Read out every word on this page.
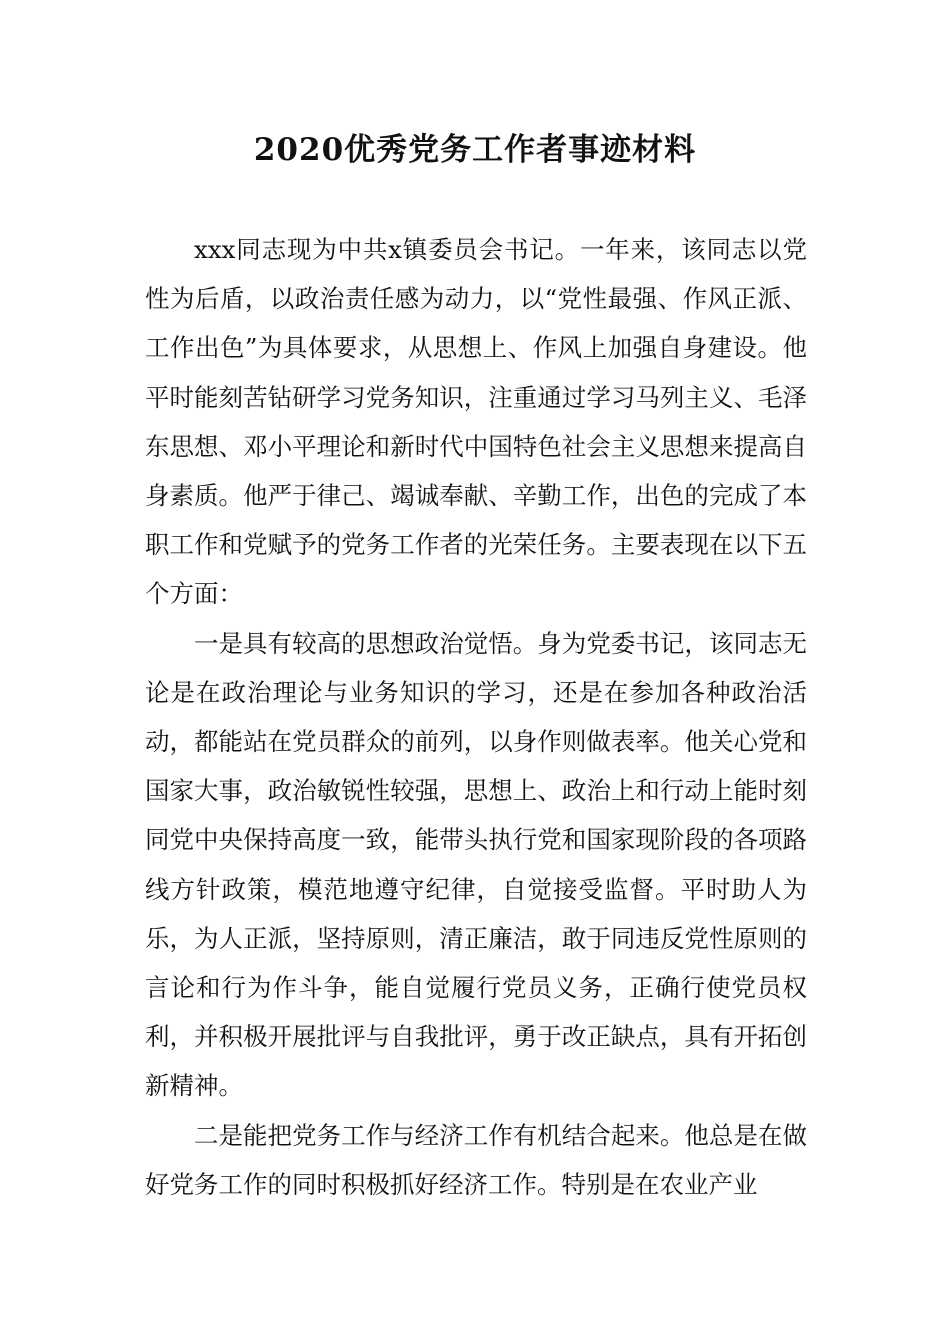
2020优秀党务工作者事迹材料

xxx同志现为中共x镇委员会书记。一年来，该同志以党性为后盾，以政治责任感为动力，以“党性最强、作风正派、工作出色”为具体要求，从思想上、作风上加强自身建设。他平时能刻苦钻研学习党务知识，注重通过学习马列主义、毛泽东思想、邓小平理论和新时代中国特色社会主义思想来提高自身素质。他严于律己、竭诚奉献、辛勤工作，出色的完成了本职工作和党赋予的党务工作者的光荣任务。主要表现在以下五个方面：

一是具有较高的思想政治觉悟。身为党委书记，该同志无论是在政治理论与业务知识的学习，还是在参加各种政治活动，都能站在党员群众的前列，以身作则做表率。他关心党和国家大事，政治敏锐性较强，思想上、政治上和行动上能时刻同党中央保持高度一致，能带头执行党和国家现阶段的各项路线方针政策，模范地遵守纪律，自觉接受监督。平时助人为乐，为人正派，坚持原则，清正廉洁，敢于同违反党性原则的言论和行为作斗争，能自觉履行党员义务，正确行使党员权利，并积极开展批评与自我批评，勇于改正缺点，具有开拓创新精神。

二是能把党务工作与经济工作有机结合起来。他总是在做好党务工作的同时积极抓好经济工作。特别是在农业产业
